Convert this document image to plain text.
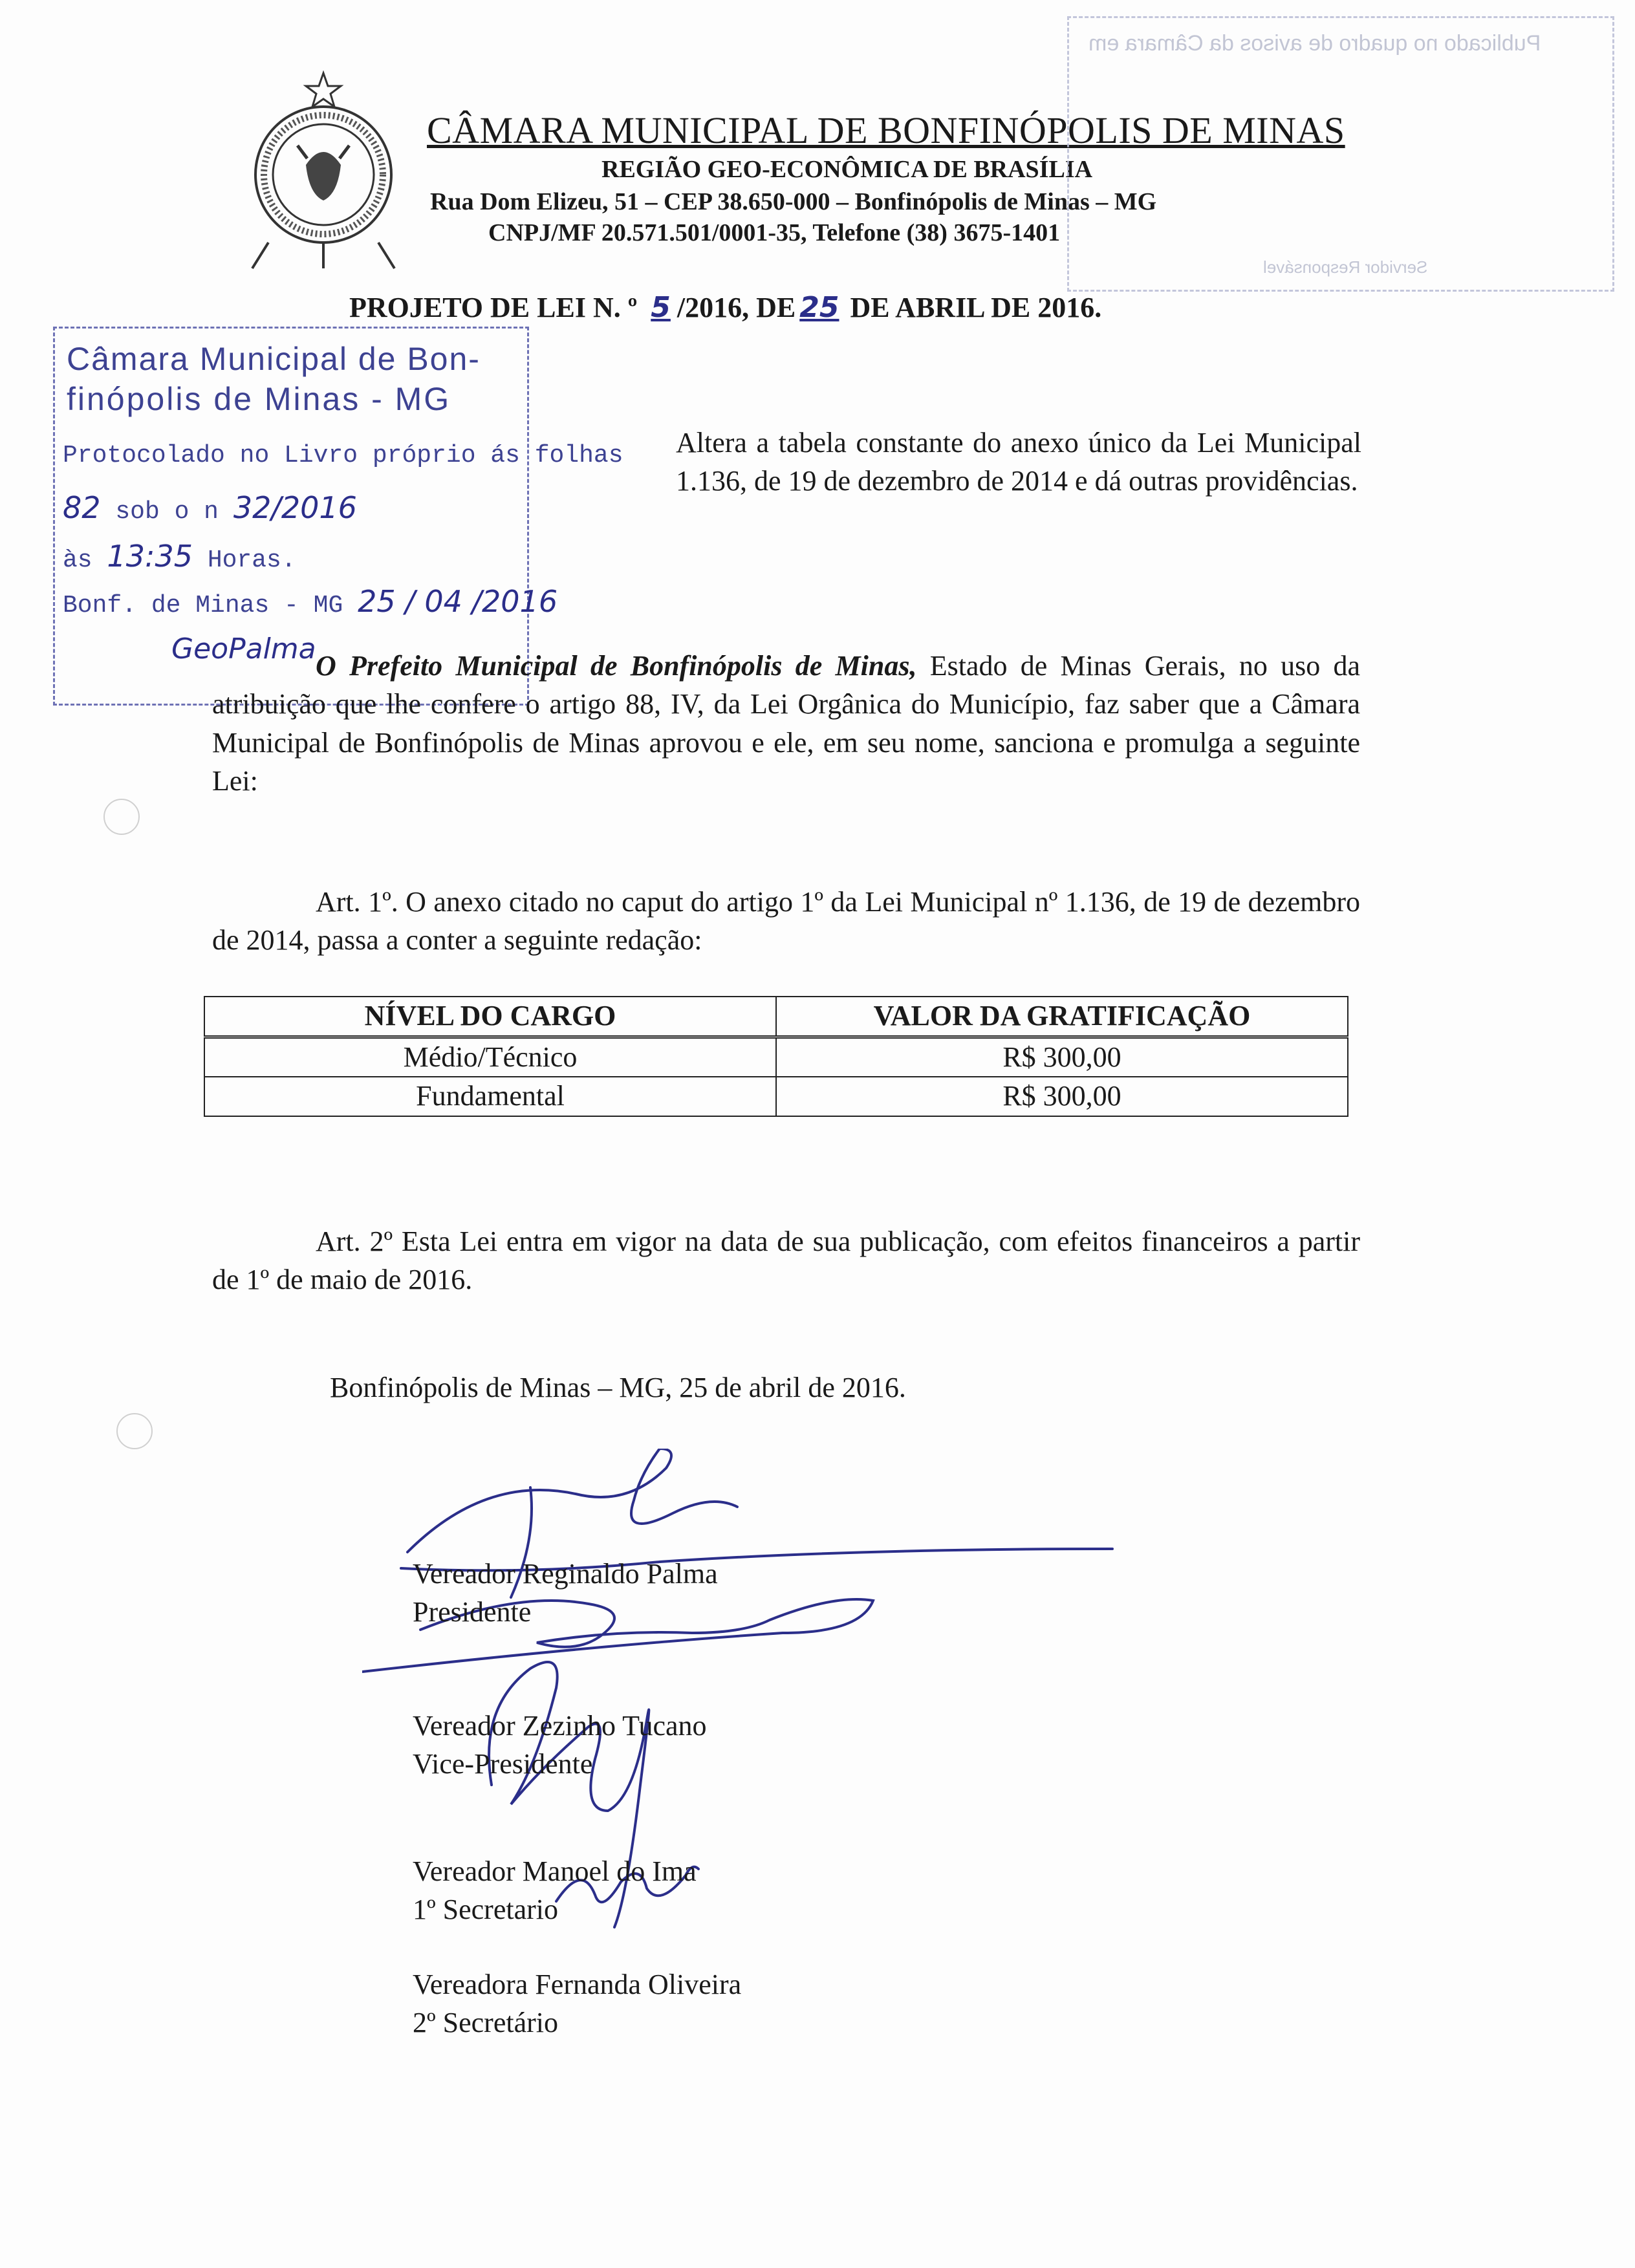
CÂMARA MUNICIPAL DE BONFINÓPOLIS DE MINAS
REGIÃO GEO-ECONÔMICA DE BRASÍLIA
Rua Dom Elizeu, 51 – CEP 38.650-000 – Bonfinópolis de Minas – MG
CNPJ/MF 20.571.501/0001-35, Telefone (38) 3675-1401
Publicado no quadro de avisos da Câmara em
Servidor Responsável
PROJETO DE LEI N. º 5 /2016, DE 25 DE ABRIL DE 2016.
Câmara Municipal de Bon-
finópolis de Minas - MG
Protocolado no Livro próprio ás folhas
82 sob o n 32/2016
às 13:35 Horas.
Bonf. de Minas - MG 25 / 04 /2016
GeoPalma
Altera a tabela constante do anexo único da Lei Municipal 1.136, de 19 de dezembro de 2014 e dá outras providências.
O Prefeito Municipal de Bonfinópolis de Minas, Estado de Minas Gerais, no uso da atribuição que lhe confere o artigo 88, IV, da Lei Orgânica do Município, faz saber que a Câmara Municipal de Bonfinópolis de Minas aprovou e ele, em seu nome, sanciona e promulga a seguinte Lei:
Art. 1º. O anexo citado no caput do artigo 1º da Lei Municipal nº 1.136, de 19 de dezembro de 2014, passa a conter a seguinte redação:
NÍVEL DO CARGO	VALOR DA GRATIFICAÇÃO
Médio/Técnico	R$ 300,00
Fundamental	R$ 300,00
Art. 2º Esta Lei entra em vigor na data de sua publicação, com efeitos financeiros a partir de 1º de maio de 2016.
Bonfinópolis de Minas – MG, 25 de abril de 2016.
Vereador Reginaldo Palma
Presidente
Vereador Zezinho Tucano
Vice-Presidente
Vereador Manoel do Ima
1º Secretario
Vereadora Fernanda Oliveira
2º Secretário
